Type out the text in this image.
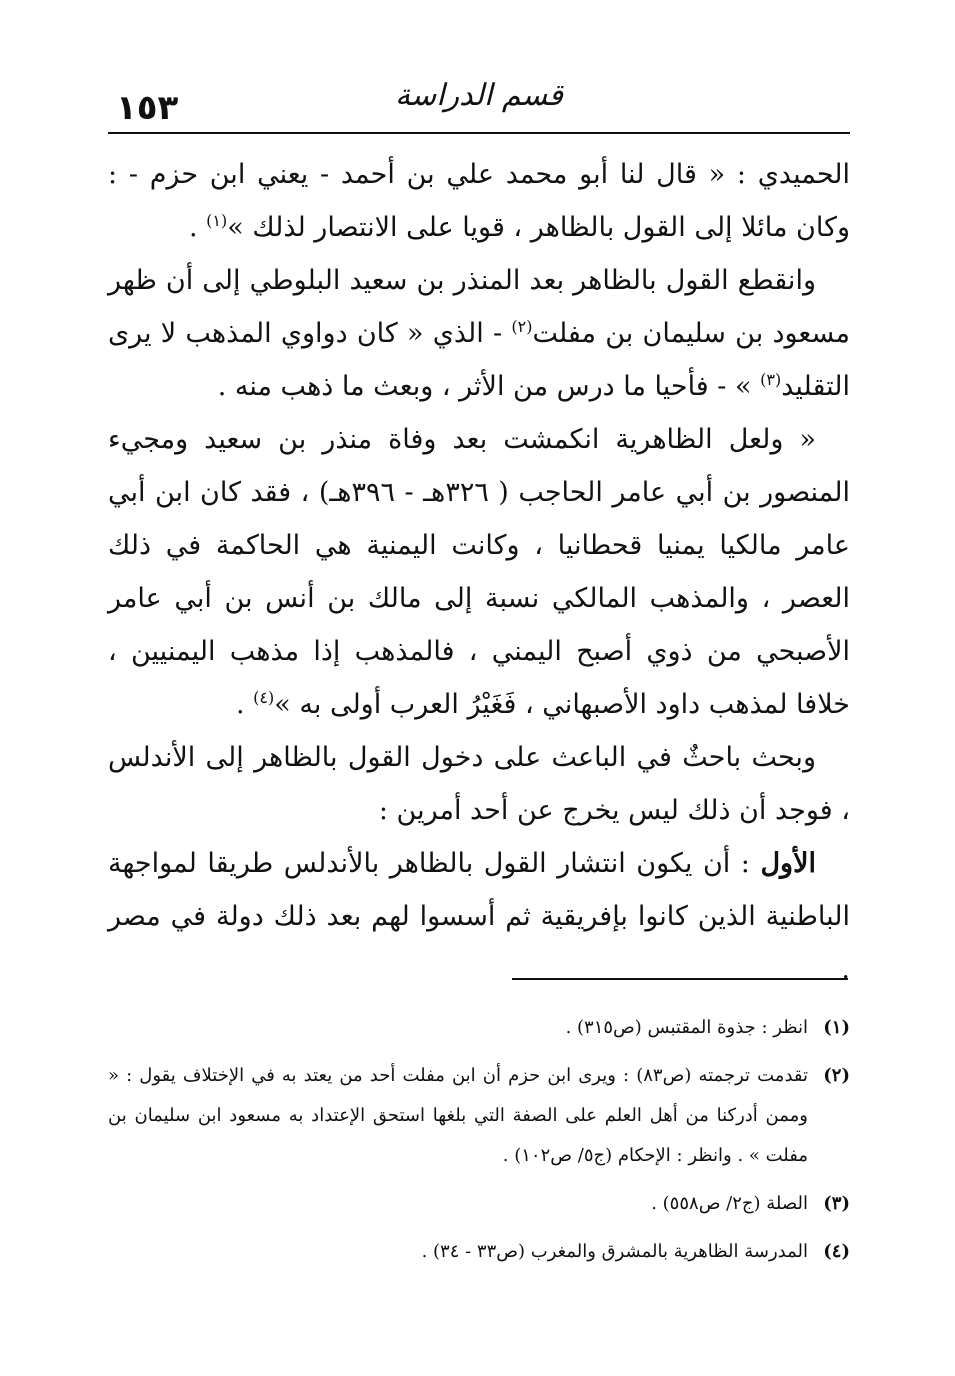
١٥٣	قسم الدراسة

الحميدي : « قال لنا أبو محمد علي بن أحمد - يعني ابن حزم - : وكان مائلا إلى القول بالظاهر ، قويا على الانتصار لذلك »$^{(١)}$ .

وانقطع القول بالظاهر بعد المنذر بن سعيد البلوطي إلى أن ظهر مسعود بن سليمان بن مفلت$^{(٢)}$ - الذي « كان دواوي المذهب لا يرى التقليد$^{(٣)}$ » - فأحيا ما درس من الأثر ، وبعث ما ذهب منه .

« ولعل الظاهرية انكمشت بعد وفاة منذر بن سعيد ومجيء المنصور بن أبي عامر الحاجب ( ٣٢٦هـ - ٣٩٦هـ) ، فقد كان ابن أبي عامر مالكيا يمنيا قحطانيا ، وكانت اليمنية هي الحاكمة في ذلك العصر ، والمذهب المالكي نسبة إلى مالك بن أنس بن أبي عامر الأصبحي من ذوي أصبح اليمني ، فالمذهب إذا مذهب اليمنيين ، خلافا لمذهب داود الأصبهاني ، فَغَيْرُ العرب أولى به »$^{(٤)}$ .

وبحث باحثٌ في الباعث على دخول القول بالظاهر إلى الأندلس ، فوجد أن ذلك ليس يخرج عن أحد أمرين :

الأول : أن يكون انتشار القول بالظاهر بالأندلس طريقا لمواجهة الباطنية الذين كانوا بإفريقية ثم أسسوا لهم بعد ذلك دولة في مصر .

(١)
انظر : جذوة المقتبس (ص٣١٥) .
(٢)
تقدمت ترجمته (ص٨٣) : ويرى ابن حزم أن ابن مفلت أحد من يعتد به في الإختلاف يقول : « وممن أدركنا من أهل العلم على الصفة التي بلغها استحق الإعتداد به مسعود ابن سليمان بن مفلت » . وانظر : الإحكام (ج٥/ ص١٠٢) .
(٣)
الصلة (ج٢/ ص٥٥٨) .
(٤)
المدرسة الظاهرية بالمشرق والمغرب (ص٣٣ - ٣٤) .
